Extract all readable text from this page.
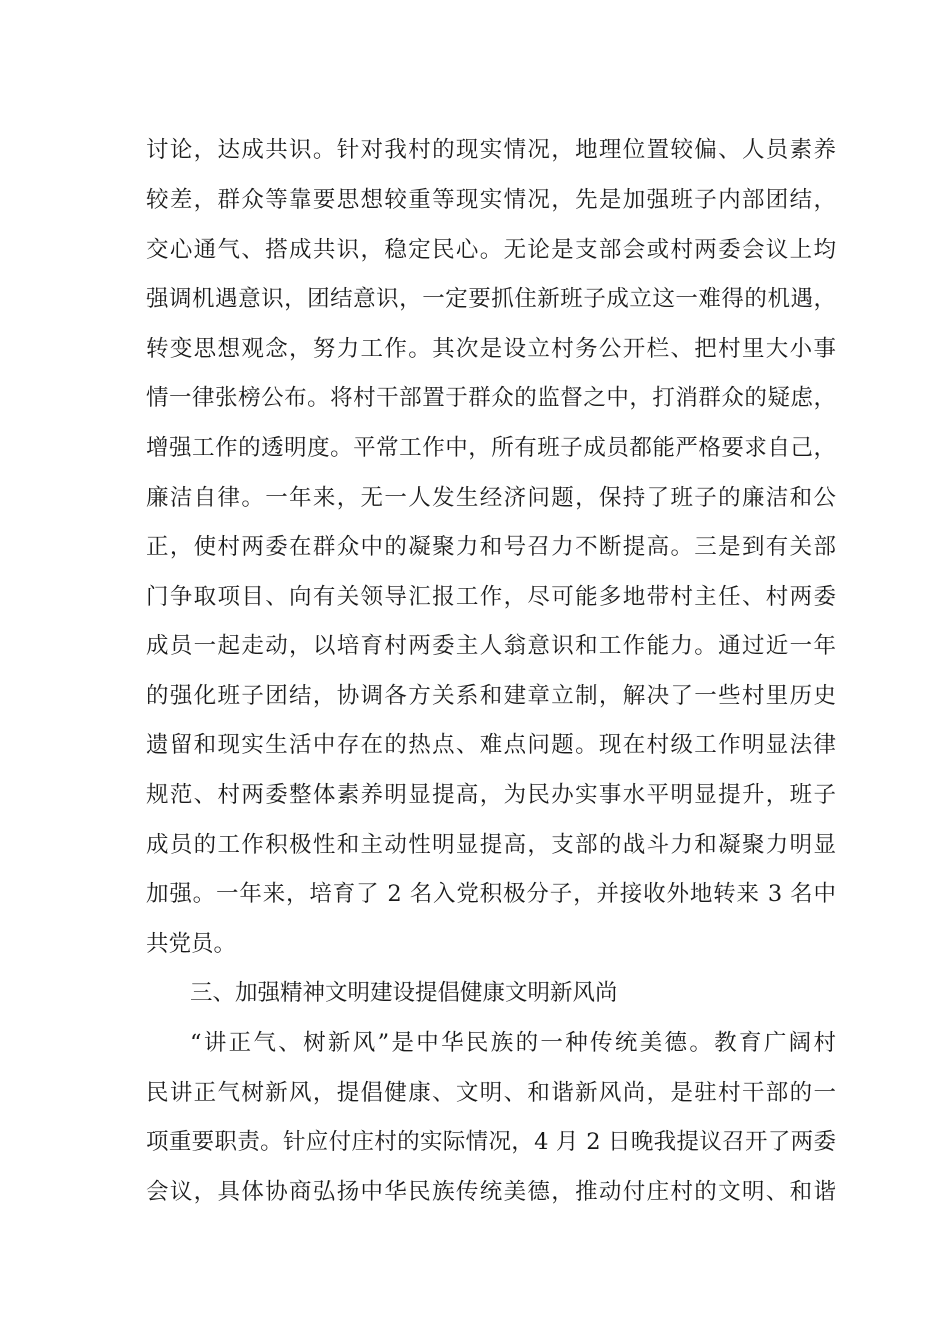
讨论，达成共识。针对我村的现实情况，地理位置较偏、人员素养
较差，群众等靠要思想较重等现实情况，先是加强班子内部团结，
交心通气、搭成共识，稳定民心。无论是支部会或村两委会议上均
强调机遇意识，团结意识，一定要抓住新班子成立这一难得的机遇，
转变思想观念，努力工作。其次是设立村务公开栏、把村里大小事
情一律张榜公布。将村干部置于群众的监督之中，打消群众的疑虑，
增强工作的透明度。平常工作中，所有班子成员都能严格要求自己，
廉洁自律。一年来，无一人发生经济问题，保持了班子的廉洁和公
正，使村两委在群众中的凝聚力和号召力不断提高。三是到有关部
门争取项目、向有关领导汇报工作，尽可能多地带村主任、村两委
成员一起走动，以培育村两委主人翁意识和工作能力。通过近一年
的强化班子团结，协调各方关系和建章立制，解决了一些村里历史
遗留和现实生活中存在的热点、难点问题。现在村级工作明显法律
规范、村两委整体素养明显提高，为民办实事水平明显提升，班子
成员的工作积极性和主动性明显提高，支部的战斗力和凝聚力明显
加强。一年来，培育了 2 名入党积极分子，并接收外地转来 3 名中
共党员。
三、加强精神文明建设提倡健康文明新风尚
“讲正气、树新风”是中华民族的一种传统美德。教育广阔村
民讲正气树新风，提倡健康、文明、和谐新风尚，是驻村干部的一
项重要职责。针应付庄村的实际情况，4 月 2 日晚我提议召开了两委
会议，具体协商弘扬中华民族传统美德，推动付庄村的文明、和谐
